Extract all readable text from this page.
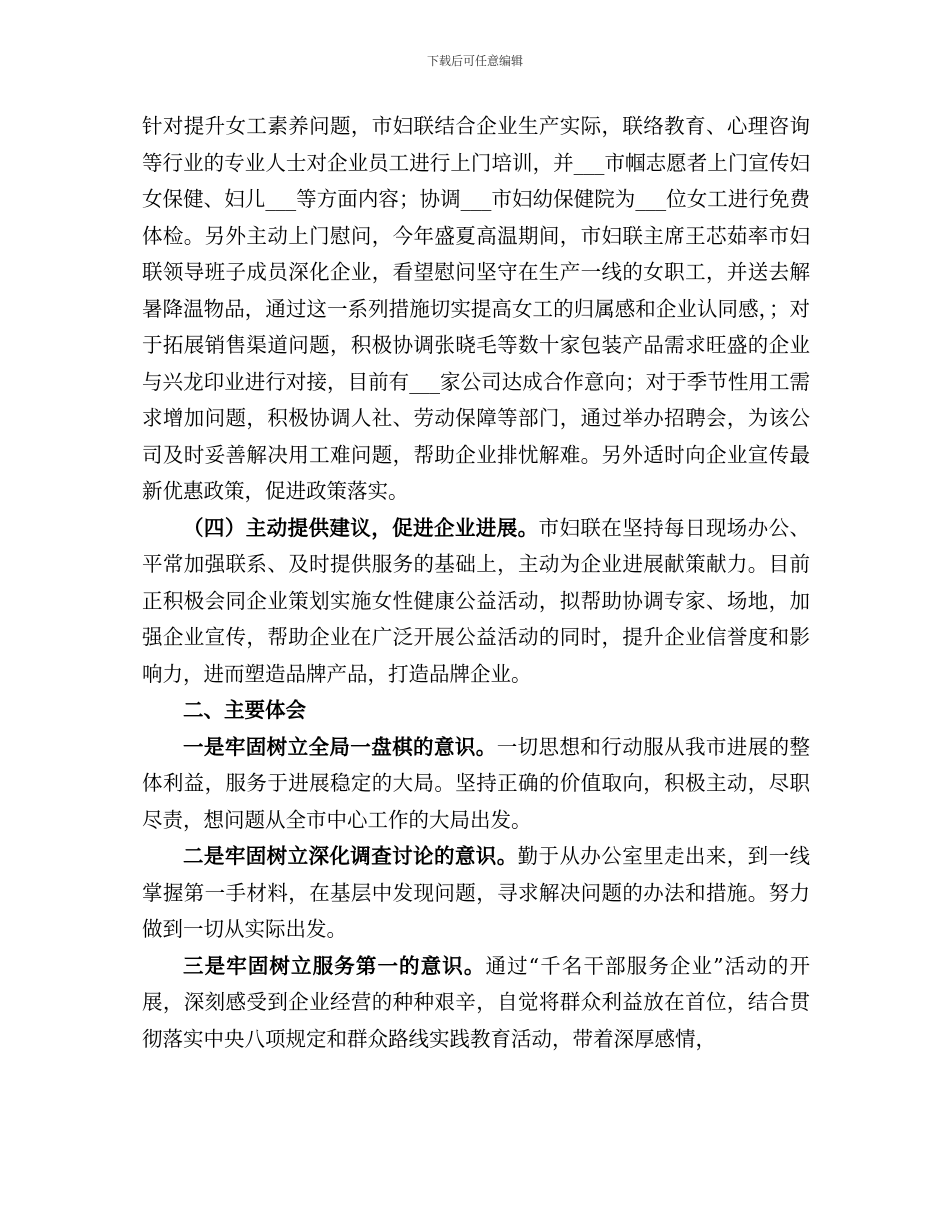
下载后可任意编辑

针对提升女工素养问题，市妇联结合企业生产实际，联络教育、心理咨询等行业的专业人士对企业员工进行上门培训，并___市帼志愿者上门宣传妇女保健、妇儿___等方面内容；协调___市妇幼保健院为___位女工进行免费体检。另外主动上门慰问，今年盛夏高温期间，市妇联主席王芯茹率市妇联领导班子成员深化企业，看望慰问坚守在生产一线的女职工，并送去解暑降温物品，通过这一系列措施切实提高女工的归属感和企业认同感，；对于拓展销售渠道问题，积极协调张晓毛等数十家包装产品需求旺盛的企业与兴龙印业进行对接，目前有___家公司达成合作意向；对于季节性用工需求增加问题，积极协调人社、劳动保障等部门，通过举办招聘会，为该公司及时妥善解决用工难问题，帮助企业排忧解难。另外适时向企业宣传最新优惠政策，促进政策落实。

（四）主动提供建议，促进企业进展。市妇联在坚持每日现场办公、平常加强联系、及时提供服务的基础上，主动为企业进展献策献力。目前正积极会同企业策划实施女性健康公益活动，拟帮助协调专家、场地，加强企业宣传，帮助企业在广泛开展公益活动的同时，提升企业信誉度和影响力，进而塑造品牌产品，打造品牌企业。

二、主要体会

一是牢固树立全局一盘棋的意识。一切思想和行动服从我市进展的整体利益，服务于进展稳定的大局。坚持正确的价值取向，积极主动，尽职尽责，想问题从全市中心工作的大局出发。

二是牢固树立深化调查讨论的意识。勤于从办公室里走出来，到一线掌握第一手材料，在基层中发现问题，寻求解决问题的办法和措施。努力做到一切从实际出发。

三是牢固树立服务第一的意识。通过“千名干部服务企业”活动的开展，深刻感受到企业经营的种种艰辛，自觉将群众利益放在首位，结合贯彻落实中央八项规定和群众路线实践教育活动，带着深厚感情，
